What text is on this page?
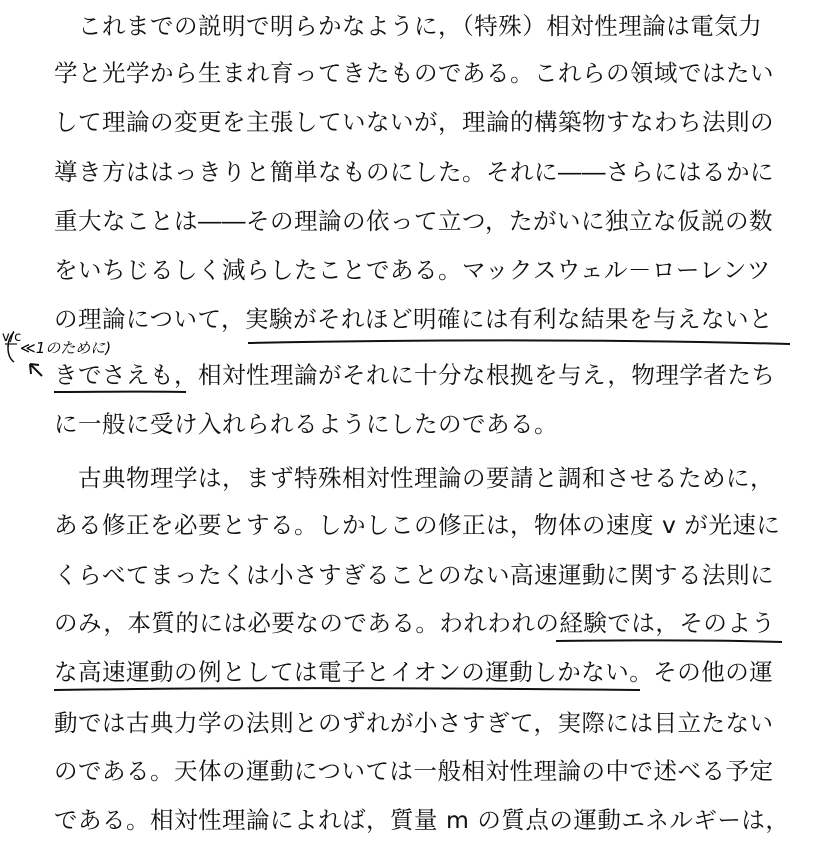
これまでの説明で明らかなように，（特殊）相対性理論は電気力
学と光学から生まれ育ってきたものである。これらの領域ではたい
して理論の変更を主張していないが，理論的構築物すなわち法則の
導き方ははっきりと簡単なものにした。それに――さらにはるかに
重大なことは――その理論の依って立つ，たがいに独立な仮説の数
をいちじるしく減らしたことである。マックスウェル－ローレンツ
の理論について，実験がそれほど明確には有利な結果を与えないと
きでさえも，相対性理論がそれに十分な根拠を与え，物理学者たち
に一般に受け入れられるようにしたのである。
古典物理学は，まず特殊相対性理論の要請と調和させるために，
ある修正を必要とする。しかしこの修正は，物体の速度 v が光速に
くらべてまったくは小さすぎることのない高速運動に関する法則に
のみ，本質的には必要なのである。われわれの経験では，そのよう
な高速運動の例としては電子とイオンの運動しかない。その他の運
動では古典力学の法則とのずれが小さすぎて，実際には目立たない
のである。天体の運動については一般相対性理論の中で述べる予定
である。相対性理論によれば，質量 m の質点の運動エネルギーは，
v/c
≪1のために)
